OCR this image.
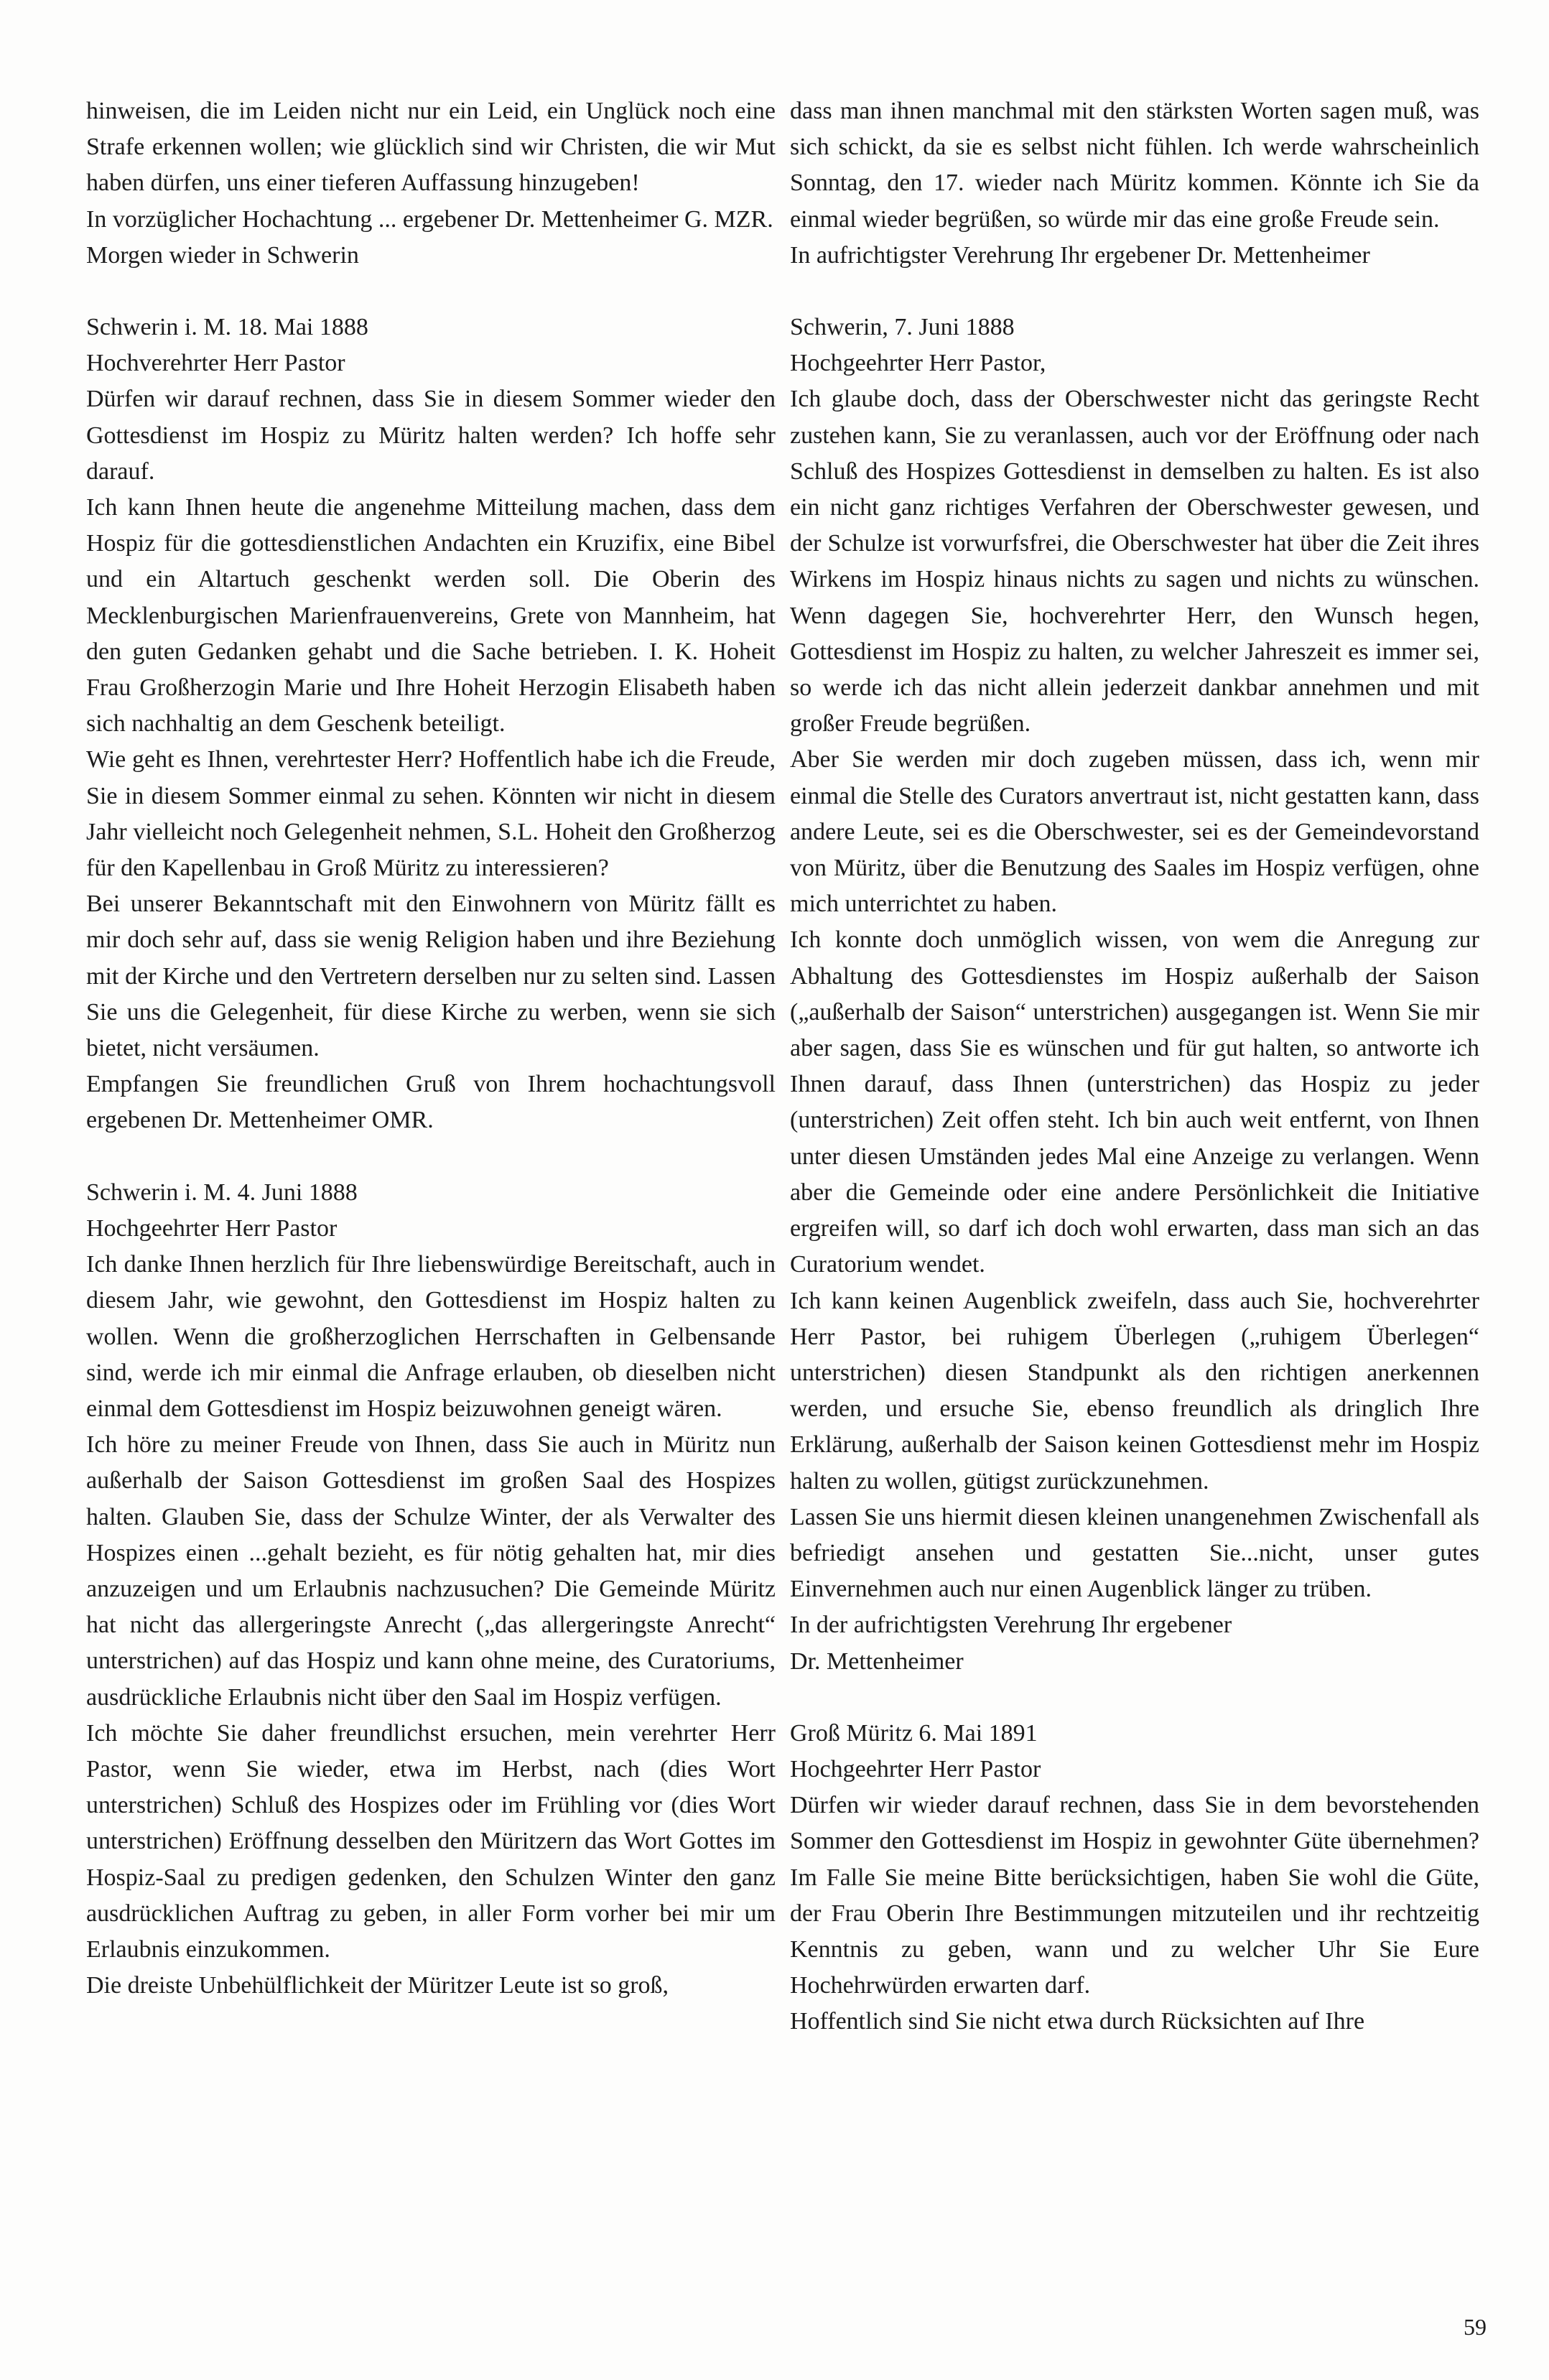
hinweisen, die im Leiden nicht nur ein Leid, ein Unglück noch eine Strafe erkennen wollen; wie glücklich sind wir Christen, die wir Mut haben dürfen, uns einer tieferen Auffassung hinzugeben!

In vorzüglicher Hochachtung ... ergebener Dr. Mettenheimer G. MZR.

Morgen wieder in Schwerin

Schwerin i. M. 18. Mai 1888

Hochverehrter Herr Pastor

Dürfen wir darauf rechnen, dass Sie in diesem Sommer wieder den Gottesdienst im Hospiz zu Müritz halten werden? Ich hoffe sehr darauf.

Ich kann Ihnen heute die angenehme Mitteilung machen, dass dem Hospiz für die gottesdienstlichen Andachten ein Kruzifix, eine Bibel und ein Altartuch geschenkt werden soll. Die Oberin des Mecklenburgischen Marienfrauenvereins, Grete von Mannheim, hat den guten Gedanken gehabt und die Sache betrieben. I. K. Hoheit Frau Großherzogin Marie und Ihre Hoheit Herzogin Elisabeth haben sich nachhaltig an dem Geschenk beteiligt.

Wie geht es Ihnen, verehrtester Herr? Hoffentlich habe ich die Freude, Sie in diesem Sommer einmal zu sehen. Könnten wir nicht in diesem Jahr vielleicht noch Gelegenheit nehmen, S.L. Hoheit den Großherzog für den Kapellenbau in Groß Müritz zu interessieren?

Bei unserer Bekanntschaft mit den Einwohnern von Müritz fällt es mir doch sehr auf, dass sie wenig Religion haben und ihre Beziehung mit der Kirche und den Vertretern derselben nur zu selten sind. Lassen Sie uns die Gelegenheit, für diese Kirche zu werben, wenn sie sich bietet, nicht versäumen.

Empfangen Sie freundlichen Gruß von Ihrem hochachtungsvoll ergebenen Dr. Mettenheimer OMR.

Schwerin i. M. 4. Juni 1888

Hochgeehrter Herr Pastor

Ich danke Ihnen herzlich für Ihre liebenswürdige Bereitschaft, auch in diesem Jahr, wie gewohnt, den Gottesdienst im Hospiz halten zu wollen. Wenn die großherzoglichen Herrschaften in Gelbensande sind, werde ich mir einmal die Anfrage erlauben, ob dieselben nicht einmal dem Gottesdienst im Hospiz beizuwohnen geneigt wären.

Ich höre zu meiner Freude von Ihnen, dass Sie auch in Müritz nun außerhalb der Saison Gottesdienst im großen Saal des Hospizes halten. Glauben Sie, dass der Schulze Winter, der als Verwalter des Hospizes einen ...gehalt bezieht, es für nötig gehalten hat, mir dies anzuzeigen und um Erlaubnis nachzusuchen? Die Gemeinde Müritz hat nicht das allergeringste Anrecht („das allergeringste Anrecht“ unterstrichen) auf das Hospiz und kann ohne meine, des Curatoriums, ausdrückliche Erlaubnis nicht über den Saal im Hospiz verfügen.

Ich möchte Sie daher freundlichst ersuchen, mein verehrter Herr Pastor, wenn Sie wieder, etwa im Herbst, nach (dies Wort unterstrichen) Schluß des Hospizes oder im Frühling vor (dies Wort unterstrichen) Eröffnung desselben den Müritzern das Wort Gottes im Hospiz-Saal zu predigen gedenken, den Schulzen Winter den ganz ausdrücklichen Auftrag zu geben, in aller Form vorher bei mir um Erlaubnis einzukommen.

Die dreiste Unbehülflichkeit der Müritzer Leute ist so groß,

dass man ihnen manchmal mit den stärksten Worten sagen muß, was sich schickt, da sie es selbst nicht fühlen. Ich werde wahrscheinlich Sonntag, den 17. wieder nach Müritz kommen. Könnte ich Sie da einmal wieder begrüßen, so würde mir das eine große Freude sein.

In aufrichtigster Verehrung Ihr ergebener Dr. Mettenheimer

Schwerin, 7. Juni 1888

Hochgeehrter Herr Pastor,

Ich glaube doch, dass der Oberschwester nicht das geringste Recht zustehen kann, Sie zu veranlassen, auch vor der Eröffnung oder nach Schluß des Hospizes Gottesdienst in demselben zu halten. Es ist also ein nicht ganz richtiges Verfahren der Oberschwester gewesen, und der Schulze ist vorwurfsfrei, die Oberschwester hat über die Zeit ihres Wirkens im Hospiz hinaus nichts zu sagen und nichts zu wünschen. Wenn dagegen Sie, hochverehrter Herr, den Wunsch hegen, Gottesdienst im Hospiz zu halten, zu welcher Jahreszeit es immer sei, so werde ich das nicht allein jederzeit dankbar annehmen und mit großer Freude begrüßen.

Aber Sie werden mir doch zugeben müssen, dass ich, wenn mir einmal die Stelle des Curators anvertraut ist, nicht gestatten kann, dass andere Leute, sei es die Oberschwester, sei es der Gemeindevorstand von Müritz, über die Benutzung des Saales im Hospiz verfügen, ohne mich unterrichtet zu haben.

Ich konnte doch unmöglich wissen, von wem die Anregung zur Abhaltung des Gottesdienstes im Hospiz außerhalb der Saison („außerhalb der Saison“ unterstrichen) ausgegangen ist. Wenn Sie mir aber sagen, dass Sie es wünschen und für gut halten, so antworte ich Ihnen darauf, dass Ihnen (unterstrichen) das Hospiz zu jeder (unterstrichen) Zeit offen steht. Ich bin auch weit entfernt, von Ihnen unter diesen Umständen jedes Mal eine Anzeige zu verlangen. Wenn aber die Gemeinde oder eine andere Persönlichkeit die Initiative ergreifen will, so darf ich doch wohl erwarten, dass man sich an das Curatorium wendet.

Ich kann keinen Augenblick zweifeln, dass auch Sie, hochverehrter Herr Pastor, bei ruhigem Überlegen („ruhigem Überlegen“ unterstrichen) diesen Standpunkt als den richtigen anerkennen werden, und ersuche Sie, ebenso freundlich als dringlich Ihre Erklärung, außerhalb der Saison keinen Gottesdienst mehr im Hospiz halten zu wollen, gütigst zurückzunehmen.

Lassen Sie uns hiermit diesen kleinen unangenehmen Zwischenfall als befriedigt ansehen und gestatten Sie...nicht, unser gutes Einvernehmen auch nur einen Augenblick länger zu trüben.

In der aufrichtigsten Verehrung Ihr ergebener

Dr. Mettenheimer

Groß Müritz 6. Mai 1891

Hochgeehrter Herr Pastor

Dürfen wir wieder darauf rechnen, dass Sie in dem bevorstehenden Sommer den Gottesdienst im Hospiz in gewohnter Güte übernehmen? Im Falle Sie meine Bitte berücksichtigen, haben Sie wohl die Güte, der Frau Oberin Ihre Bestimmungen mitzuteilen und ihr rechtzeitig Kenntnis zu geben, wann und zu welcher Uhr Sie Eure Hochehrwürden erwarten darf.

Hoffentlich sind Sie nicht etwa durch Rücksichten auf Ihre

59
